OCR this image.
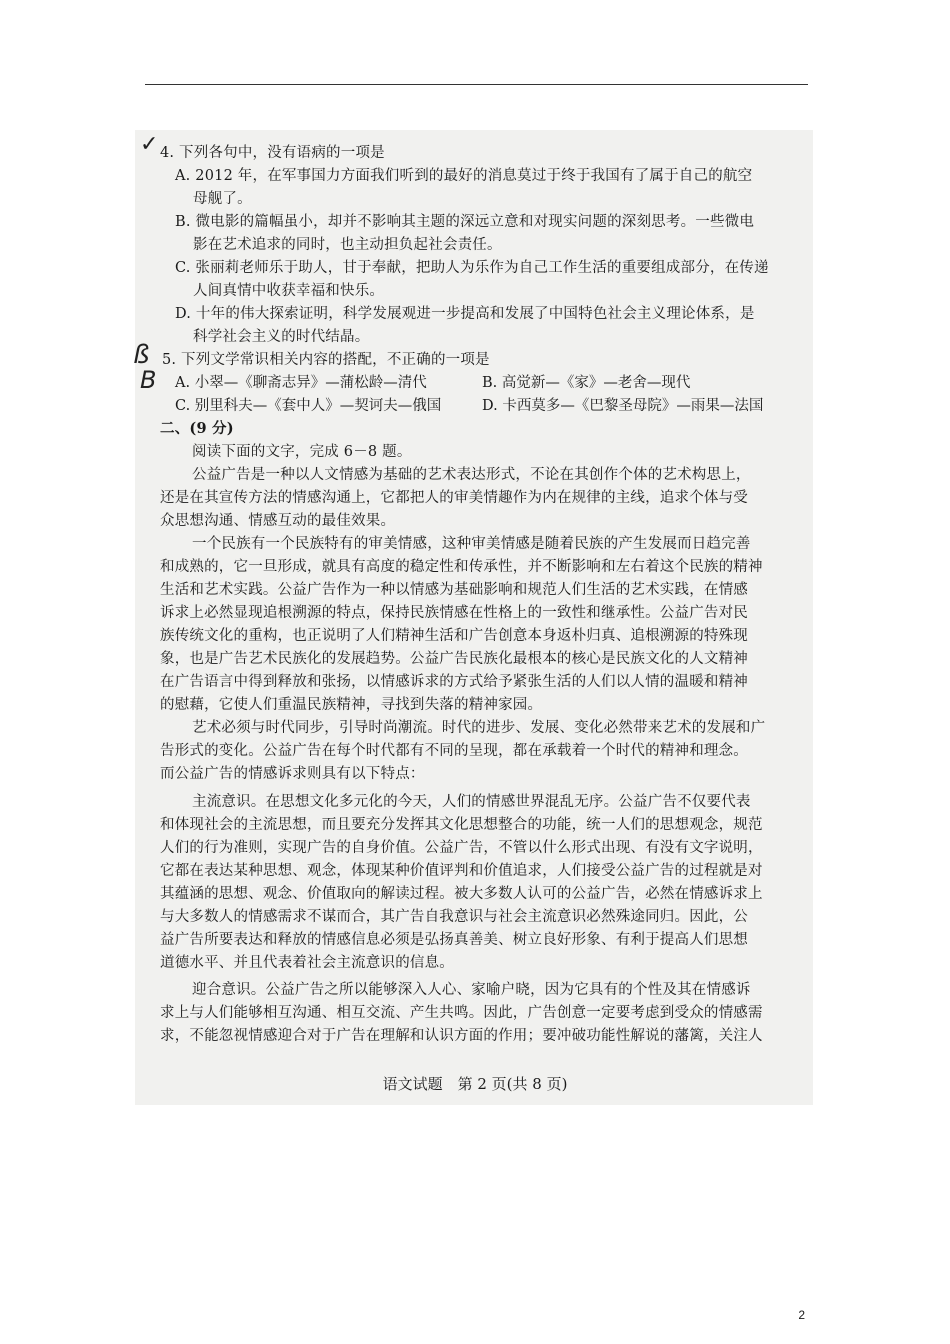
✓
ß
B
4. 下列各句中，没有语病的一项是
A. 2012 年，在军事国力方面我们听到的最好的消息莫过于终于我国有了属于自己的航空
母舰了。
B. 微电影的篇幅虽小，却并不影响其主题的深远立意和对现实问题的深刻思考。一些微电
影在艺术追求的同时，也主动担负起社会责任。
C. 张丽莉老师乐于助人，甘于奉献，把助人为乐作为自己工作生活的重要组成部分，在传递
人间真情中收获幸福和快乐。
D. 十年的伟大探索证明，科学发展观进一步提高和发展了中国特色社会主义理论体系，是
科学社会主义的时代结晶。
5. 下列文学常识相关内容的搭配，不正确的一项是
A. 小翠—《聊斋志异》—蒲松龄—清代	B. 高觉新—《家》—老舍—现代
C. 别里科夫—《套中人》—契诃夫—俄国	D. 卡西莫多—《巴黎圣母院》—雨果—法国
二、(9 分)
阅读下面的文字，完成 6－8 题。
公益广告是一种以人文情感为基础的艺术表达形式，不论在其创作个体的艺术构思上，
还是在其宣传方法的情感沟通上，它都把人的审美情趣作为内在规律的主线，追求个体与受
众思想沟通、情感互动的最佳效果。
一个民族有一个民族特有的审美情感，这种审美情感是随着民族的产生发展而日趋完善
和成熟的，它一旦形成，就具有高度的稳定性和传承性，并不断影响和左右着这个民族的精神
生活和艺术实践。公益广告作为一种以情感为基础影响和规范人们生活的艺术实践，在情感
诉求上必然显现追根溯源的特点，保持民族情感在性格上的一致性和继承性。公益广告对民
族传统文化的重构，也正说明了人们精神生活和广告创意本身返朴归真、追根溯源的特殊现
象，也是广告艺术民族化的发展趋势。公益广告民族化最根本的核心是民族文化的人文精神
在广告语言中得到释放和张扬，以情感诉求的方式给予紧张生活的人们以人情的温暖和精神
的慰藉，它使人们重温民族精神，寻找到失落的精神家园。
艺术必须与时代同步，引导时尚潮流。时代的进步、发展、变化必然带来艺术的发展和广
告形式的变化。公益广告在每个时代都有不同的呈现，都在承载着一个时代的精神和理念。
而公益广告的情感诉求则具有以下特点：
主流意识。在思想文化多元化的今天，人们的情感世界混乱无序。公益广告不仅要代表
和体现社会的主流思想，而且要充分发挥其文化思想整合的功能，统一人们的思想观念，规范
人们的行为准则，实现广告的自身价值。公益广告，不管以什么形式出现、有没有文字说明，
它都在表达某种思想、观念，体现某种价值评判和价值追求，人们接受公益广告的过程就是对
其蕴涵的思想、观念、价值取向的解读过程。被大多数人认可的公益广告，必然在情感诉求上
与大多数人的情感需求不谋而合，其广告自我意识与社会主流意识必然殊途同归。因此，公
益广告所要表达和释放的情感信息必须是弘扬真善美、树立良好形象、有利于提高人们思想
道德水平、并且代表着社会主流意识的信息。
迎合意识。公益广告之所以能够深入人心、家喻户晓，因为它具有的个性及其在情感诉
求上与人们能够相互沟通、相互交流、产生共鸣。因此，广告创意一定要考虑到受众的情感需
求，不能忽视情感迎合对于广告在理解和认识方面的作用；要冲破功能性解说的藩篱，关注人
语文试题　第 2 页(共 8 页)
2
